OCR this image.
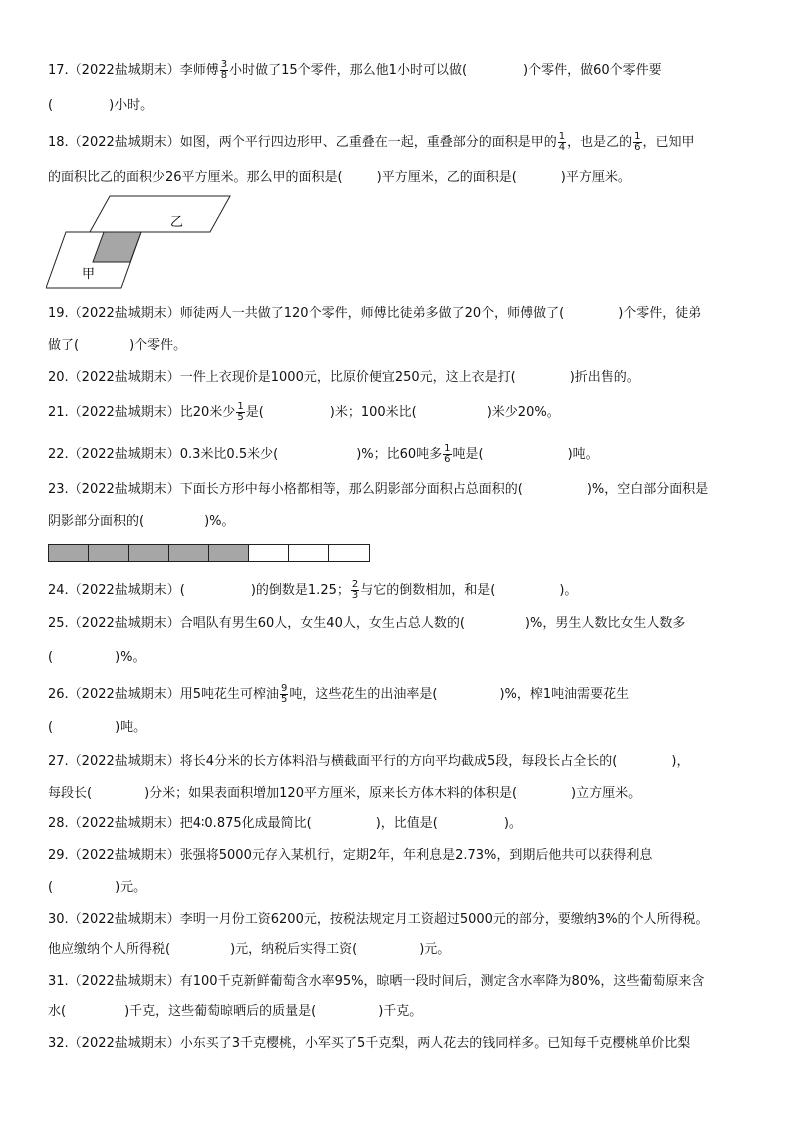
17.（2022盐城期末）李师傅 $\frac{3}{8}$ 小时做了15个零件，那么他1小时可以做(	)个零件，做60个零件要
(	)小时。
18.（2022盐城期末）如图，两个平行四边形甲、乙重叠在一起，重叠部分的面积是甲的 $\frac{1}{4}$ ，也是乙的 $\frac{1}{6}$ ，已知甲
的面积比乙的面积少26平方厘米。那么甲的面积是(	)平方厘米，乙的面积是(	)平方厘米。
甲
乙
19.（2022盐城期末）师徒两人一共做了120个零件，师傅比徒弟多做了20个，师傅做了(	)个零件，徒弟
做了(	)个零件。
20.（2022盐城期末）一件上衣现价是1000元，比原价便宜250元，这上衣是打(	)折出售的。
21.（2022盐城期末）比20米少 $\frac{1}{5}$ 是(	)米；100米比(	)米少20%。
22.（2022盐城期末）0.3米比0.5米少(	)%；比60吨多 $\frac{1}{6}$ 吨是(	)吨。
23.（2022盐城期末）下面长方形中每小格都相等，那么阴影部分面积占总面积的(	)%，空白部分面积是
阴影部分面积的(	)%。
24.（2022盐城期末）(	)的倒数是1.25； $\frac{2}{3}$ 与它的倒数相加，和是(	)。
25.（2022盐城期末）合唱队有男生60人，女生40人，女生占总人数的(	)%，男生人数比女生人数多
(	)%。
26.（2022盐城期末）用5吨花生可榨油 $\frac{9}{5}$ 吨，这些花生的出油率是(	)%，榨1吨油需要花生
(	)吨。
27.（2022盐城期末）将长4分米的长方体料沿与横截面平行的方向平均截成5段，每段长占全长的(	)，
每段长(	)分米；如果表面积增加120平方厘米，原来长方体木料的体积是(	)立方厘米。
28.（2022盐城期末）把4∶0.875化成最简比(	)，比值是(	)。
29.（2022盐城期末）张强将5000元存入某机行，定期2年，年利息是2.73%，到期后他共可以获得利息
(	)元。
30.（2022盐城期末）李明一月份工资6200元，按税法规定月工资超过5000元的部分，要缴纳3%的个人所得税。
他应缴纳个人所得税(	)元，纳税后实得工资(	)元。
31.（2022盐城期末）有100千克新鲜葡萄含水率95%，晾晒一段时间后，测定含水率降为80%，这些葡萄原来含
水(	)千克，这些葡萄晾晒后的质量是(	)千克。
32.（2022盐城期末）小东买了3千克樱桃，小军买了5千克梨，两人花去的钱同样多。已知每千克樱桃单价比梨
